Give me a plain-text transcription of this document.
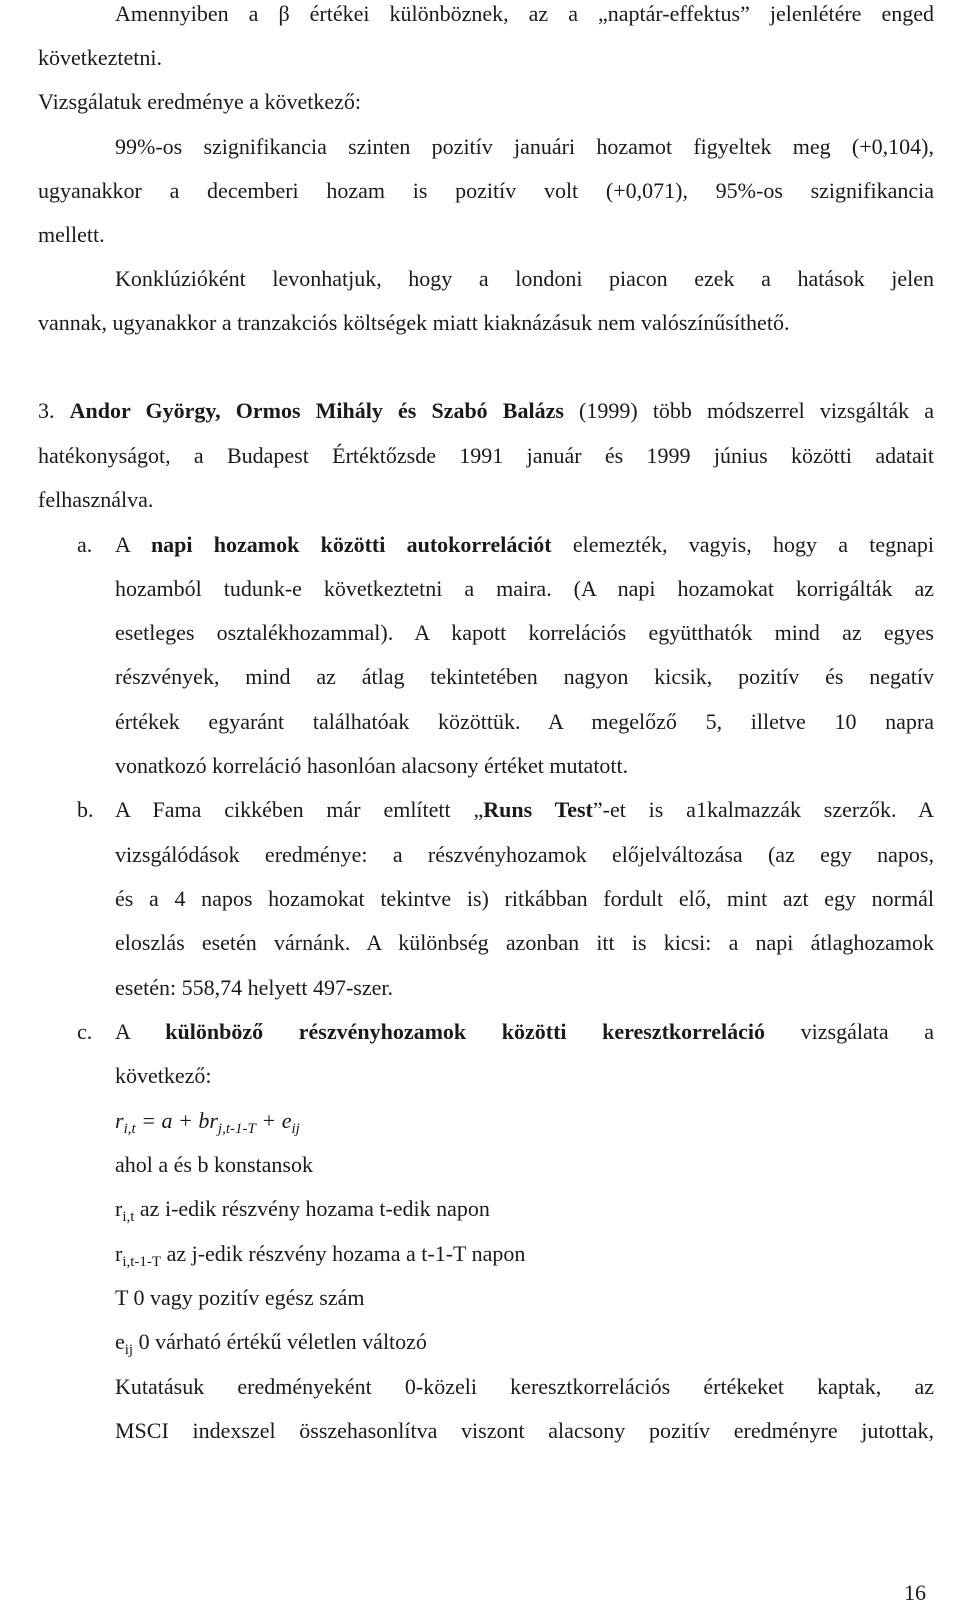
Amennyiben a β értékei különböznek, az a „naptár-effektus” jelenlétére enged
következtetni.
Vizsgálatuk eredménye a következő:
99%-os szignifikancia szinten pozitív januári hozamot figyeltek meg (+0,104),
ugyanakkor a decemberi hozam is pozitív volt (+0,071), 95%-os szignifikancia
mellett.
Konklúzióként levonhatjuk, hogy a londoni piacon ezek a hatások jelen
vannak, ugyanakkor a tranzakciós költségek miatt kiaknázásuk nem valószínűsíthető.
3. Andor György, Ormos Mihály és Szabó Balázs (1999) több módszerrel vizsgálták a
hatékonyságot, a Budapest Értéktőzsde 1991 január és 1999 június közötti adatait
felhasználva.
a. A napi hozamok közötti autokorrelációt elemezték, vagyis, hogy a tegnapi
hozamból tudunk-e következtetni a maira. (A napi hozamokat korrigálták az
esetleges osztalékhozammal). A kapott korrelációs együtthatók mind az egyes
részvények, mind az átlag tekintetében nagyon kicsik, pozitív és negatív
értékek egyaránt találhatóak közöttük. A megelőző 5, illetve 10 napra
vonatkozó korreláció hasonlóan alacsony értéket mutatott.
b. A Fama cikkében már említett „Runs Test”-et is a1kalmazzák szerzők. A
vizsgálódások eredménye: a részvényhozamok előjelváltozása (az egy napos,
és a 4 napos hozamokat tekintve is) ritkábban fordult elő, mint azt egy normál
eloszlás esetén várnánk. A különbség azonban itt is kicsi: a napi átlaghozamok
esetén: 558,74 helyett 497-szer.
c. A különböző részvényhozamok közötti keresztkorreláció vizsgálata a
következő:
$r_{i,t} = a + br_{j,t-1-T} + e_{ij}$
ahol a és b konstansok
$r_{i,t}$ az i-edik részvény hozama t-edik napon
$r_{i,t-1-T}$ az j-edik részvény hozama a t-1-T napon
T 0 vagy pozitív egész szám
$e_{ij}$ 0 várható értékű véletlen változó
Kutatásuk eredményeként 0-közeli keresztkorrelációs értékeket kaptak, az
MSCI indexszel összehasonlítva viszont alacsony pozitív eredményre jutottak,
16
